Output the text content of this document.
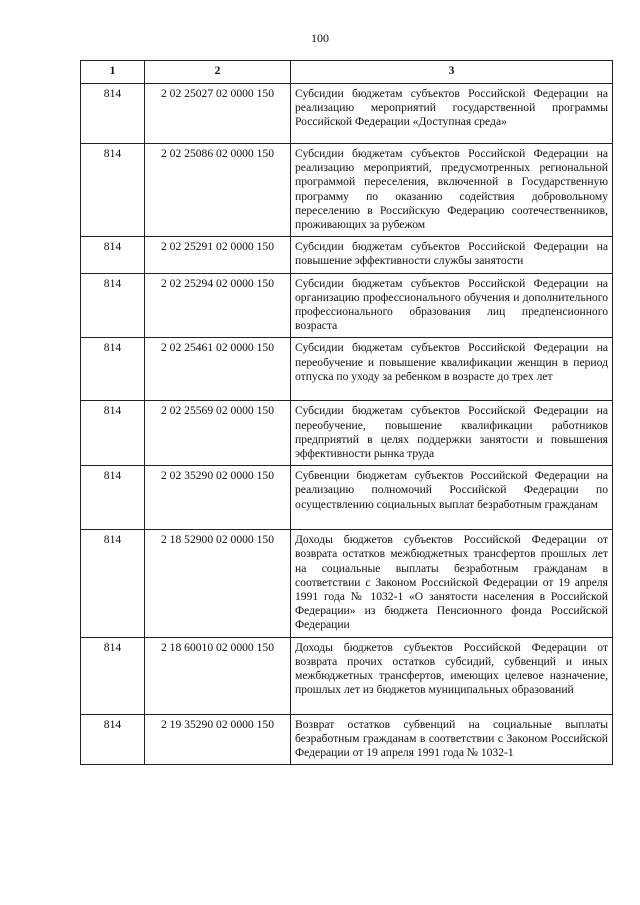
100
1	2	3
814	2 02 25027 02 0000 150	Субсидии бюджетам субъектов Российской Федерации на реализацию мероприятий государственной программы Российской Федерации «Доступная среда»
814	2 02 25086 02 0000 150	Субсидии бюджетам субъектов Российской Федерации на реализацию мероприятий, предусмотренных региональной программой переселения, включенной в Государственную программу по оказанию содействия добровольному переселению в Российскую Федерацию соотечественников, проживающих за рубежом
814	2 02 25291 02 0000 150	Субсидии бюджетам субъектов Российской Федерации на повышение эффективности службы занятости
814	2 02 25294 02 0000 150	Субсидии бюджетам субъектов Российской Федерации на организацию профессионального обучения и дополнительного профессионального образования лиц предпенсионного возраста
814	2 02 25461 02 0000 150	Субсидии бюджетам субъектов Российской Федерации на переобучение и повышение квалификации женщин в период отпуска по уходу за ребенком в возрасте до трех лет
814	2 02 25569 02 0000 150	Субсидии бюджетам субъектов Российской Федерации на переобучение, повышение квалификации работников предприятий в целях поддержки занятости и повышения эффективности рынка труда
814	2 02 35290 02 0000 150	Субвенции бюджетам субъектов Российской Федерации на реализацию полномочий Российской Федерации по осуществлению социальных выплат безработным гражданам
814	2 18 52900 02 0000 150	Доходы бюджетов субъектов Российской Федерации от возврата остатков межбюджетных трансфертов прошлых лет на социальные выплаты безработным гражданам в соответствии с Законом Российской Федерации от 19 апреля 1991 года № 1032-1 «О занятости населения в Российской Федерации» из бюджета Пенсионного фонда Российской Федерации
814	2 18 60010 02 0000 150	Доходы бюджетов субъектов Российской Федерации от возврата прочих остатков субсидий, субвенций и иных межбюджетных трансфертов, имеющих целевое назначение, прошлых лет из бюджетов муниципальных образований
814	2 19 35290 02 0000 150	Возврат остатков субвенций на социальные выплаты безработным гражданам в соответствии с Законом Российской Федерации от 19 апреля 1991 года № 1032-1
